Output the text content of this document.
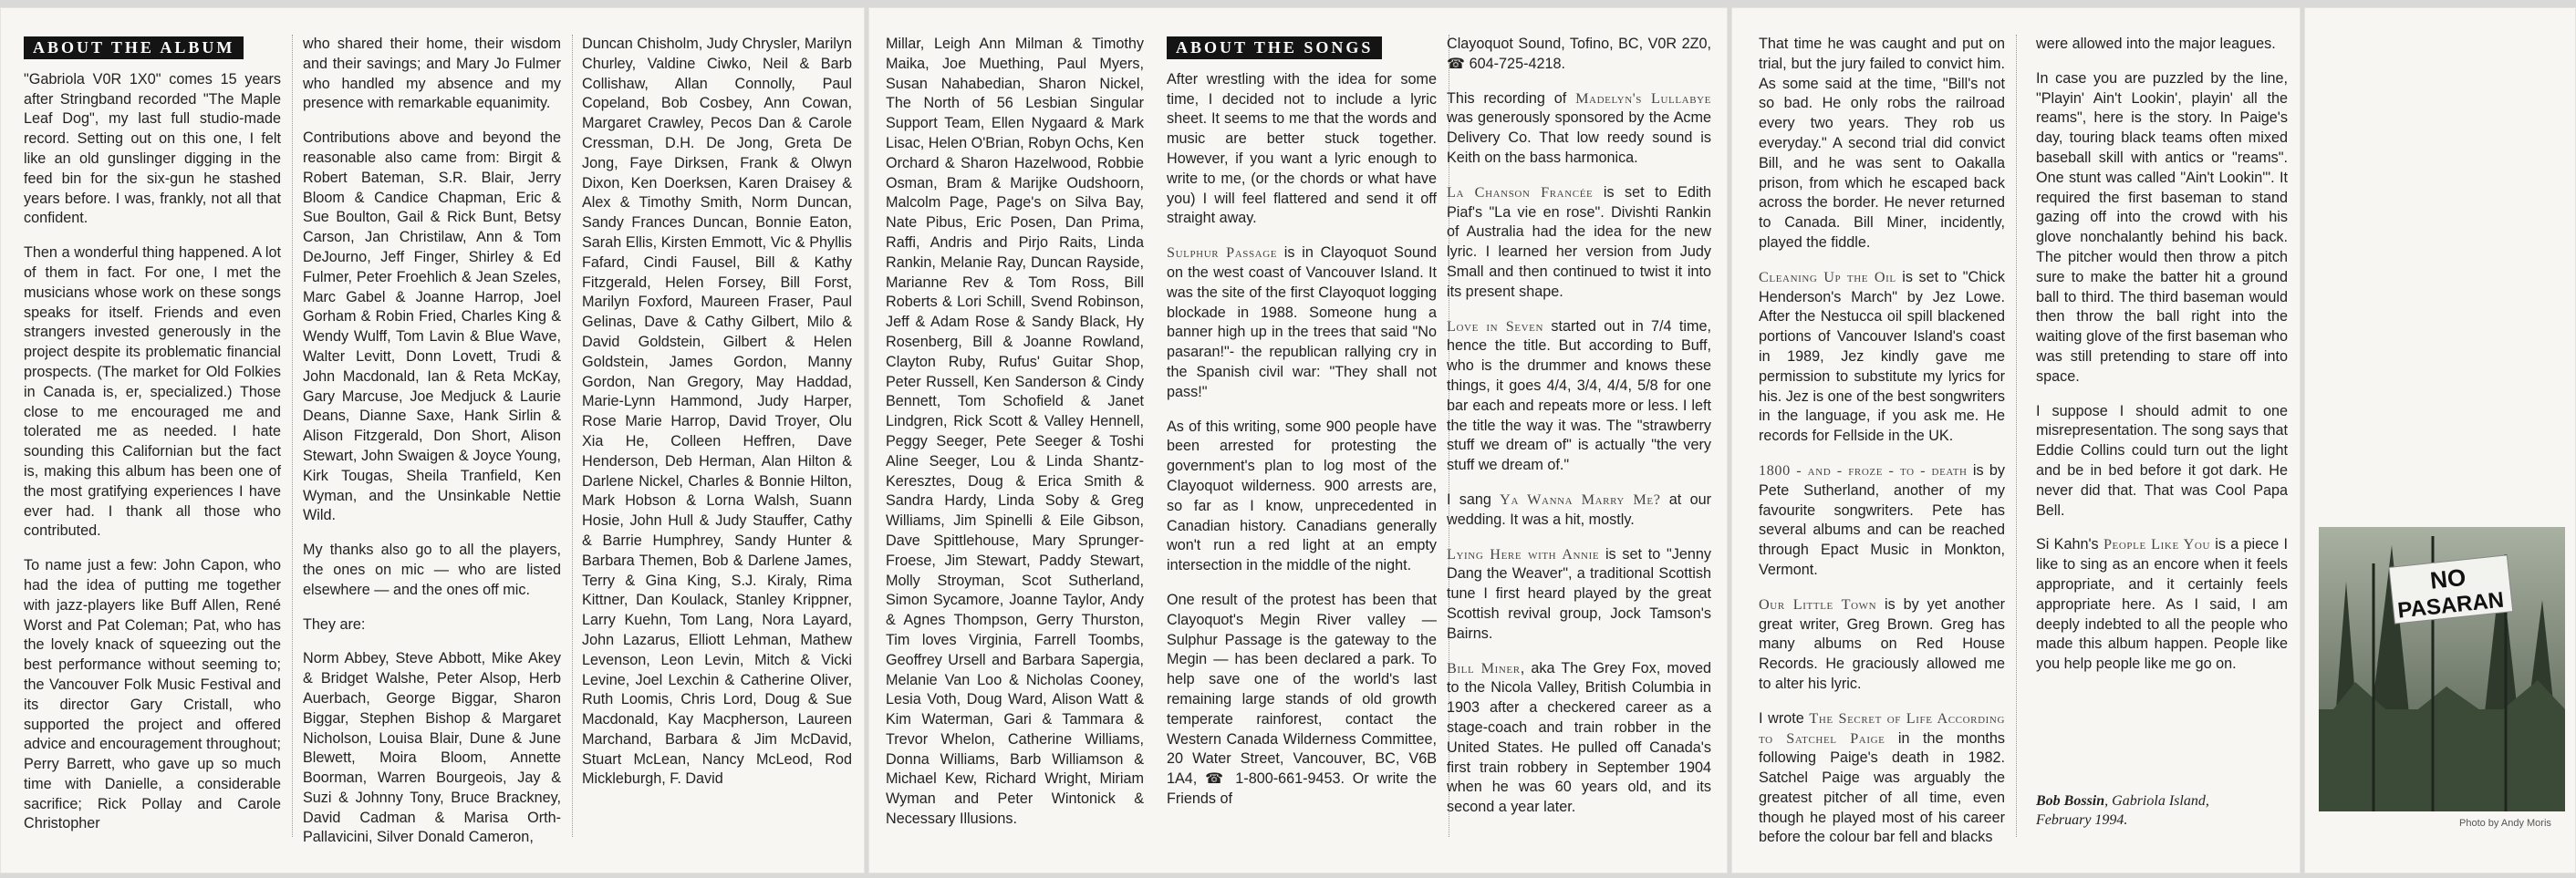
ABOUT THE ALBUM

"Gabriola V0R 1X0" comes 15 years after Stringband recorded "The Maple Leaf Dog", my last full studio-made record. Setting out on this one, I felt like an old gunslinger digging in the feed bin for the six-gun he stashed years before. I was, frankly, not all that confident.

Then a wonderful thing happened. A lot of them in fact. For one, I met the musicians whose work on these songs speaks for itself. Friends and even strangers invested generously in the project despite its problematic financial prospects. (The market for Old Folkies in Canada is, er, specialized.) Those close to me encouraged me and tolerated me as needed. I hate sounding this Californian but the fact is, making this album has been one of the most gratifying experiences I have ever had. I thank all those who contributed.

To name just a few: John Capon, who had the idea of putting me together with jazz-players like Buff Allen, René Worst and Pat Coleman; Pat, who has the lovely knack of squeezing out the best performance without seeming to; the Vancouver Folk Music Festival and its director Gary Cristall, who supported the project and offered advice and encouragement throughout; Perry Barrett, who gave up so much time with Danielle, a considerable sacrifice; Rick Pollay and Carole Christopher

who shared their home, their wisdom and their savings; and Mary Jo Fulmer who handled my absence and my presence with remarkable equanimity.

Contributions above and beyond the reasonable also came from: Birgit & Robert Bateman, S.R. Blair, Jerry Bloom & Candice Chapman, Eric & Sue Boulton, Gail & Rick Bunt, Betsy Carson, Jan Christilaw, Ann & Tom DeJourno, Jeff Finger, Shirley & Ed Fulmer, Peter Froehlich & Jean Szeles, Marc Gabel & Joanne Harrop, Joel Gorham & Robin Fried, Charles King & Wendy Wulff, Tom Lavin & Blue Wave, Walter Levitt, Donn Lovett, Trudi & John Macdonald, Ian & Reta McKay, Gary Marcuse, Joe Medjuck & Laurie Deans, Dianne Saxe, Hank Sirlin & Alison Fitzgerald, Don Short, Alison Stewart, John Swaigen & Joyce Young, Kirk Tougas, Sheila Tranfield, Ken Wyman, and the Unsinkable Nettie Wild.

My thanks also go to all the players, the ones on mic — who are listed elsewhere — and the ones off mic.

They are:

Norm Abbey, Steve Abbott, Mike Akey & Bridget Walshe, Peter Alsop, Herb Auerbach, George Biggar, Sharon Biggar, Stephen Bishop & Margaret Nicholson, Louisa Blair, Dune & June Blewett, Moira Bloom, Annette Boorman, Warren Bourgeois, Jay & Suzi & Johnny Tony, Bruce Brackney, David Cadman & Marisa Orth-Pallavicini, Silver Donald Cameron,

Duncan Chisholm, Judy Chrysler, Marilyn Churley, Valdine Ciwko, Neil & Barb Collishaw, Allan Connolly, Paul Copeland, Bob Cosbey, Ann Cowan, Margaret Crawley, Pecos Dan & Carole Cressman, D.H. De Jong, Greta De Jong, Faye Dirksen, Frank & Olwyn Dixon, Ken Doerksen, Karen Draisey & Alex & Timothy Smith, Norm Duncan, Sandy Frances Duncan, Bonnie Eaton, Sarah Ellis, Kirsten Emmott, Vic & Phyllis Fafard, Cindi Fausel, Bill & Kathy Fitzgerald, Helen Forsey, Bill Forst, Marilyn Foxford, Maureen Fraser, Paul Gelinas, Dave & Cathy Gilbert, Milo & David Goldstein, Gilbert & Helen Goldstein, James Gordon, Manny Gordon, Nan Gregory, May Haddad, Marie-Lynn Hammond, Judy Harper, Rose Marie Harrop, David Troyer, Olu Xia He, Colleen Heffren, Dave Henderson, Deb Herman, Alan Hilton & Darlene Nickel, Charles & Bonnie Hilton, Mark Hobson & Lorna Walsh, Suann Hosie, John Hull & Judy Stauffer, Cathy & Barrie Humphrey, Sandy Hunter & Barbara Themen, Bob & Darlene James, Terry & Gina King, S.J. Kiraly, Rima Kittner, Dan Koulack, Stanley Krippner, Larry Kuehn, Tom Lang, Nora Layard, John Lazarus, Elliott Lehman, Mathew Levenson, Leon Levin, Mitch & Vicki Levine, Joel Lexchin & Catherine Oliver, Ruth Loomis, Chris Lord, Doug & Sue Macdonald, Kay Macpherson, Laureen Marchand, Barbara & Jim McDavid, Stuart McLean, Nancy McLeod, Rod Mickleburgh, F. David

Millar, Leigh Ann Milman & Timothy Maika, Joe Muething, Paul Myers, Susan Nahabedian, Sharon Nickel, The North of 56 Lesbian Singular Support Team, Ellen Nygaard & Mark Lisac, Helen O'Brian, Robyn Ochs, Ken Orchard & Sharon Hazelwood, Robbie Osman, Bram & Marijke Oudshoorn, Malcolm Page, Page's on Silva Bay, Nate Pibus, Eric Posen, Dan Prima, Raffi, Andris and Pirjo Raits, Linda Rankin, Melanie Ray, Duncan Rayside, Marianne Rev & Tom Ross, Bill Roberts & Lori Schill, Svend Robinson, Jeff & Adam Rose & Sandy Black, Hy Rosenberg, Bill & Joanne Rowland, Clayton Ruby, Rufus' Guitar Shop, Peter Russell, Ken Sanderson & Cindy Bennett, Tom Schofield & Janet Lindgren, Rick Scott & Valley Hennell, Peggy Seeger, Pete Seeger & Toshi Aline Seeger, Lou & Linda Shantz-Keresztes, Doug & Erica Smith & Sandra Hardy, Linda Soby & Greg Williams, Jim Spinelli & Eile Gibson, Dave Spittlehouse, Mary Sprunger-Froese, Jim Stewart, Paddy Stewart, Molly Stroyman, Scot Sutherland, Simon Sycamore, Joanne Taylor, Andy & Agnes Thompson, Gerry Thurston, Tim loves Virginia, Farrell Toombs, Geoffrey Ursell and Barbara Sapergia, Melanie Van Loo & Nicholas Cooney, Lesia Voth, Doug Ward, Alison Watt & Kim Waterman, Gari & Tammara & Trevor Whelon, Catherine Williams, Donna Williams, Barb Williamson & Michael Kew, Richard Wright, Miriam Wyman and Peter Wintonick & Necessary Illusions.

ABOUT THE SONGS

After wrestling with the idea for some time, I decided not to include a lyric sheet. It seems to me that the words and music are better stuck together. However, if you want a lyric enough to write to me, (or the chords or what have you) I will feel flattered and send it off straight away.

Sulphur Passage is in Clayoquot Sound on the west coast of Vancouver Island. It was the site of the first Clayoquot logging blockade in 1988. Someone hung a banner high up in the trees that said "No pasaran!"- the republican rallying cry in the Spanish civil war: "They shall not pass!"

As of this writing, some 900 people have been arrested for protesting the government's plan to log most of the Clayoquot wilderness. 900 arrests are, so far as I know, unprecedented in Canadian history. Canadians generally won't run a red light at an empty intersection in the middle of the night.

One result of the protest has been that Clayoquot's Megin River valley — Sulphur Passage is the gateway to the Megin — has been declared a park. To help save one of the world's last remaining large stands of old growth temperate rainforest, contact the Western Canada Wilderness Committee, 20 Water Street, Vancouver, BC, V6B 1A4, ☎ 1-800-661-9453. Or write the Friends of

Clayoquot Sound, Tofino, BC, V0R 2Z0, ☎ 604-725-4218.

This recording of Madelyn's Lullabye was generously sponsored by the Acme Delivery Co. That low reedy sound is Keith on the bass harmonica.

La Chanson Francée is set to Edith Piaf's "La vie en rose". Divishti Rankin of Australia had the idea for the new lyric. I learned her version from Judy Small and then continued to twist it into its present shape.

Love in Seven started out in 7/4 time, hence the title. But according to Buff, who is the drummer and knows these things, it goes 4/4, 3/4, 4/4, 5/8 for one bar each and repeats more or less. I left the title the way it was. The "strawberry stuff we dream of" is actually "the very stuff we dream of."

I sang Ya Wanna Marry Me? at our wedding. It was a hit, mostly.

Lying Here with Annie is set to "Jenny Dang the Weaver", a traditional Scottish tune I first heard played by the great Scottish revival group, Jock Tamson's Bairns.

Bill Miner, aka The Grey Fox, moved to the Nicola Valley, British Columbia in 1903 after a checkered career as a stage-coach and train robber in the United States. He pulled off Canada's first train robbery in September 1904 when he was 60 years old, and its second a year later.

That time he was caught and put on trial, but the jury failed to convict him. As some said at the time, "Bill's not so bad. He only robs the railroad every two years. They rob us everyday." A second trial did convict Bill, and he was sent to Oakalla prison, from which he escaped back across the border. He never returned to Canada. Bill Miner, incidently, played the fiddle.

Cleaning Up the Oil is set to "Chick Henderson's March" by Jez Lowe. After the Nestucca oil spill blackened portions of Vancouver Island's coast in 1989, Jez kindly gave me permission to substitute my lyrics for his. Jez is one of the best songwriters in the language, if you ask me. He records for Fellside in the UK.

1800 - and - froze - to - death is by Pete Sutherland, another of my favourite songwriters. Pete has several albums and can be reached through Epact Music in Monkton, Vermont.

Our Little Town is by yet another great writer, Greg Brown. Greg has many albums on Red House Records. He graciously allowed me to alter his lyric.

I wrote The Secret of Life According to Satchel Paige in the months following Paige's death in 1982. Satchel Paige was arguably the greatest pitcher of all time, even though he played most of his career before the colour bar fell and blacks

were allowed into the major leagues.

In case you are puzzled by the line, "Playin' Ain't Lookin', playin' all the reams", here is the story. In Paige's day, touring black teams often mixed baseball skill with antics or "reams". One stunt was called "Ain't Lookin'". It required the first baseman to stand gazing off into the crowd with his glove nonchalantly behind his back. The pitcher would then throw a pitch sure to make the batter hit a ground ball to third. The third baseman would then throw the ball right into the waiting glove of the first baseman who was still pretending to stare off into space.

I suppose I should admit to one misrepresentation. The song says that Eddie Collins could turn out the light and be in bed before it got dark. He never did that. That was Cool Papa Bell.

Si Kahn's People Like You is a piece I like to sing as an encore when it feels appropriate, and it certainly feels appropriate here. As I said, I am deeply indebted to all the people who made this album happen. People like you help people like me go on.

Bob Bossin, Gabriola Island,
February 1994.
NO
PASARAN
Photo by Andy Moris
